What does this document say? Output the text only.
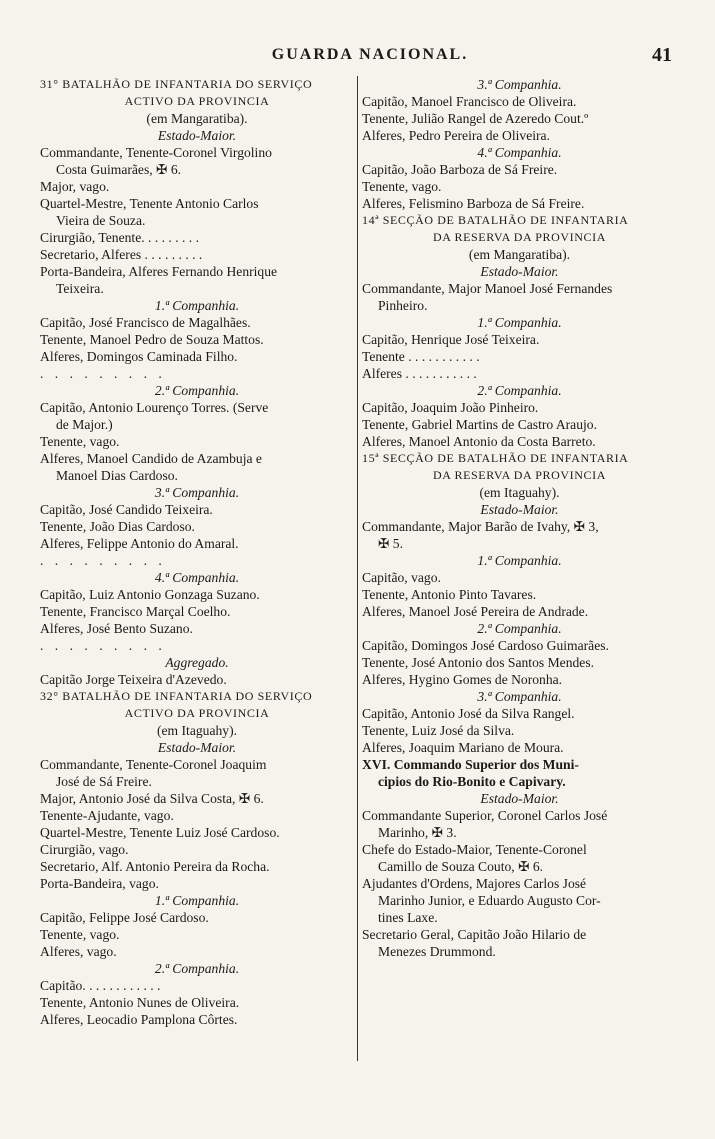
GUARDA NACIONAL.	41
31° BATALHÃO DE INFANTARIA DO SERVIÇO
ACTIVO DA PROVINCIA
(em Mangaratiba).
Estado-Maior.
Commandante, Tenente-Coronel Virgolino
Costa Guimarães, ✠ 6.
Major, vago.
Quartel-Mestre, Tenente Antonio Carlos
Vieira de Souza.
Cirurgião, Tenente. . . . . . . . .
Secretario, Alferes . . . . . . . . .
Porta-Bandeira, Alferes Fernando Henrique
Teixeira.
1.ª Companhia.
Capitão, José Francisco de Magalhães.
Tenente, Manoel Pedro de Souza Mattos.
Alferes, Domingos Caminada Filho.
. . . . . . . . .
2.ª Companhia.
Capitão, Antonio Lourenço Torres. (Serve
de Major.)
Tenente, vago.
Alferes, Manoel Candido de Azambuja e
Manoel Dias Cardoso.
3.ª Companhia.
Capitão, José Candido Teixeira.
Tenente, João Dias Cardoso.
Alferes, Felippe Antonio do Amaral.
. . . . . . . . .
4.ª Companhia.
Capitão, Luiz Antonio Gonzaga Suzano.
Tenente, Francisco Marçal Coelho.
Alferes, José Bento Suzano.
. . . . . . . . .
Aggregado.
Capitão Jorge Teixeira d'Azevedo.
32° BATALHÃO DE INFANTARIA DO SERVIÇO
ACTIVO DA PROVINCIA
(em Itaguahy).
Estado-Maior.
Commandante, Tenente-Coronel Joaquim
José de Sá Freire.
Major, Antonio José da Silva Costa, ✠ 6.
Tenente-Ajudante, vago.
Quartel-Mestre, Tenente Luiz José Cardoso.
Cirurgião, vago.
Secretario, Alf. Antonio Pereira da Rocha.
Porta-Bandeira, vago.
1.ª Companhia.
Capitão, Felippe José Cardoso.
Tenente, vago.
Alferes, vago.
2.ª Companhia.
Capitão. . . . . . . . . . . .
Tenente, Antonio Nunes de Oliveira.
Alferes, Leocadio Pamplona Côrtes.
3.ª Companhia.
Capitão, Manoel Francisco de Oliveira.
Tenente, Julião Rangel de Azeredo Cout.º
Alferes, Pedro Pereira de Oliveira.
4.ª Companhia.
Capitão, João Barboza de Sá Freire.
Tenente, vago.
Alferes, Felismino Barboza de Sá Freire.
14ª SECÇÃO DE BATALHÃO DE INFANTARIA
DA RESERVA DA PROVINCIA
(em Mangaratiba).
Estado-Maior.
Commandante, Major Manoel José Fernandes
Pinheiro.
1.ª Companhia.
Capitão, Henrique José Teixeira.
Tenente . . . . . . . . . . .
Alferes . . . . . . . . . . .
2.ª Companhia.
Capitão, Joaquim João Pinheiro.
Tenente, Gabriel Martins de Castro Araujo.
Alferes, Manoel Antonio da Costa Barreto.
15ª SECÇÃO DE BATALHÃO DE INFANTARIA
DA RESERVA DA PROVINCIA
(em Itaguahy).
Estado-Maior.
Commandante, Major Barão de Ivahy, ✠ 3,
✠ 5.
1.ª Companhia.
Capitão, vago.
Tenente, Antonio Pinto Tavares.
Alferes, Manoel José Pereira de Andrade.
2.ª Companhia.
Capitão, Domingos José Cardoso Guimarães.
Tenente, José Antonio dos Santos Mendes.
Alferes, Hygino Gomes de Noronha.
3.ª Companhia.
Capitão, Antonio José da Silva Rangel.
Tenente, Luiz José da Silva.
Alferes, Joaquim Mariano de Moura.
XVI. Commando Superior dos Muni-
cipios do Rio-Bonito e Capivary.
Estado-Maior.
Commandante Superior, Coronel Carlos José
Marinho, ✠ 3.
Chefe do Estado-Maior, Tenente-Coronel
Camillo de Souza Couto, ✠ 6.
Ajudantes d'Ordens, Majores Carlos José
Marinho Junior, e Eduardo Augusto Cor-
tines Laxe.
Secretario Geral, Capitão João Hilario de
Menezes Drummond.
